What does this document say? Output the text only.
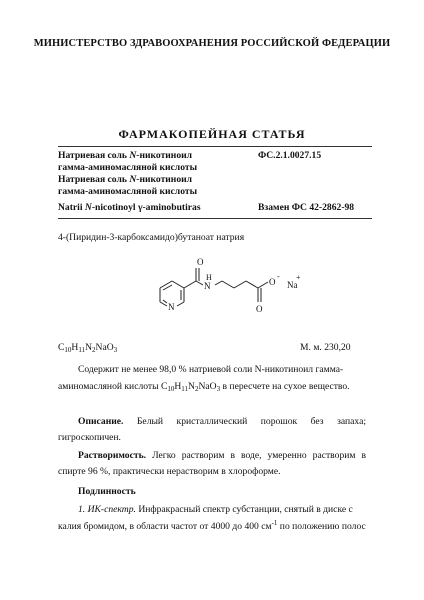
МИНИСТЕРСТВО ЗДРАВООХРАНЕНИЯ РОССИЙСКОЙ ФЕДЕРАЦИИ
ФАРМАКОПЕЙНАЯ СТАТЬЯ
Натриевая соль N-никотиноил
гамма-аминомасляной кислоты
ФС.2.1.0027.15
Натриевая соль N-никотиноил
гамма-аминомасляной кислоты
Natrii N-nicotinoyl γ-aminobutiras	Взамен ФС 42-2862-98
4-(Пиридин-3-карбоксамидо)бутаноат натрия
N
O
N
H	O
-
O
Na
+
$C_{10}H_{11}N_2NaO_3$	М. м. 230,20
Содержит не менее 98,0 % натриевой соли N-никотиноил гамма-
аминомасляной кислоты $C_{10}H_{11}N_2NaO_3$ в пересчете на сухое вещество.
Описание. Белый кристаллический порошок без запаха; гигроскопичен.
Растворимость. Легко растворим в воде, умеренно растворим в спирте 96 %, практически нерастворим в хлороформе.
Подлинность
1. ИК-спектр. Инфракрасный спектр субстанции, снятый в диске с
калия бромидом, в области частот от 4000 до 400 $см^{-1}$ по положению полос
